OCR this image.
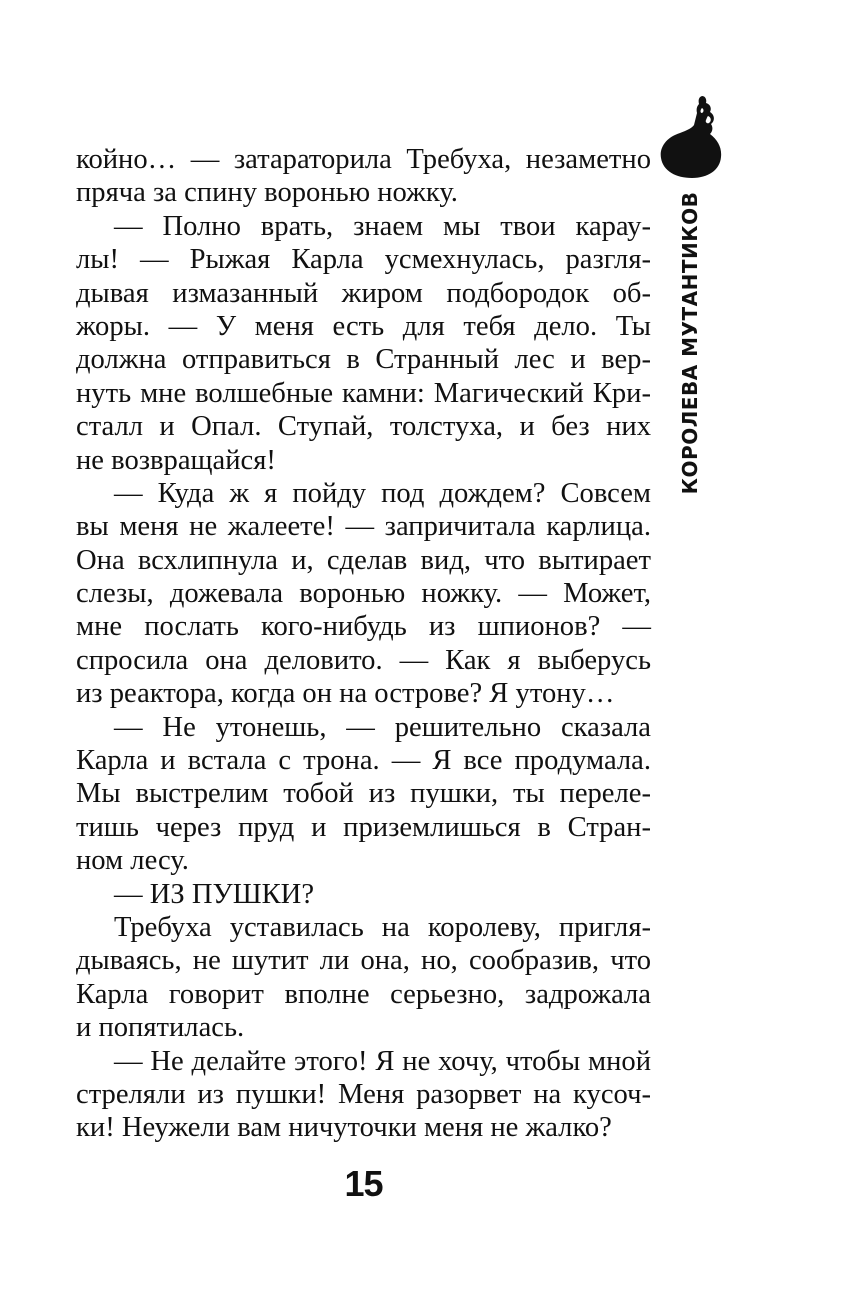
КОРОЛЕВА МУТАНТИКОВ
койно… — затараторила Требуха, незаметно
пряча за спину воронью ножку.
— Полно врать, знаем мы твои карау-
лы! — Рыжая Карла усмехнулась, разгля-
дывая измазанный жиром подбородок об-
жоры. — У меня есть для тебя дело. Ты
должна отправиться в Странный лес и вер-
нуть мне волшебные камни: Магический Кри-
сталл и Опал. Ступай, толстуха, и без них
не возвращайся!
— Куда ж я пойду под дождем? Совсем
вы меня не жалеете! — запричитала карлица.
Она всхлипнула и, сделав вид, что вытирает
слезы, дожевала воронью ножку. — Может,
мне послать кого-нибудь из шпионов? —
спросила она деловито. — Как я выберусь
из реактора, когда он на острове? Я утону…
— Не утонешь, — решительно сказала
Карла и встала с трона. — Я все продумала.
Мы выстрелим тобой из пушки, ты переле-
тишь через пруд и приземлишься в Стран-
ном лесу.
— ИЗ ПУШКИ?
Требуха уставилась на королеву, пригля-
дываясь, не шутит ли она, но, сообразив, что
Карла говорит вполне серьезно, задрожала
и попятилась.
— Не делайте этого! Я не хочу, чтобы мной
стреляли из пушки! Меня разорвет на кусоч-
ки! Неужели вам ничуточки меня не жалко?
15
